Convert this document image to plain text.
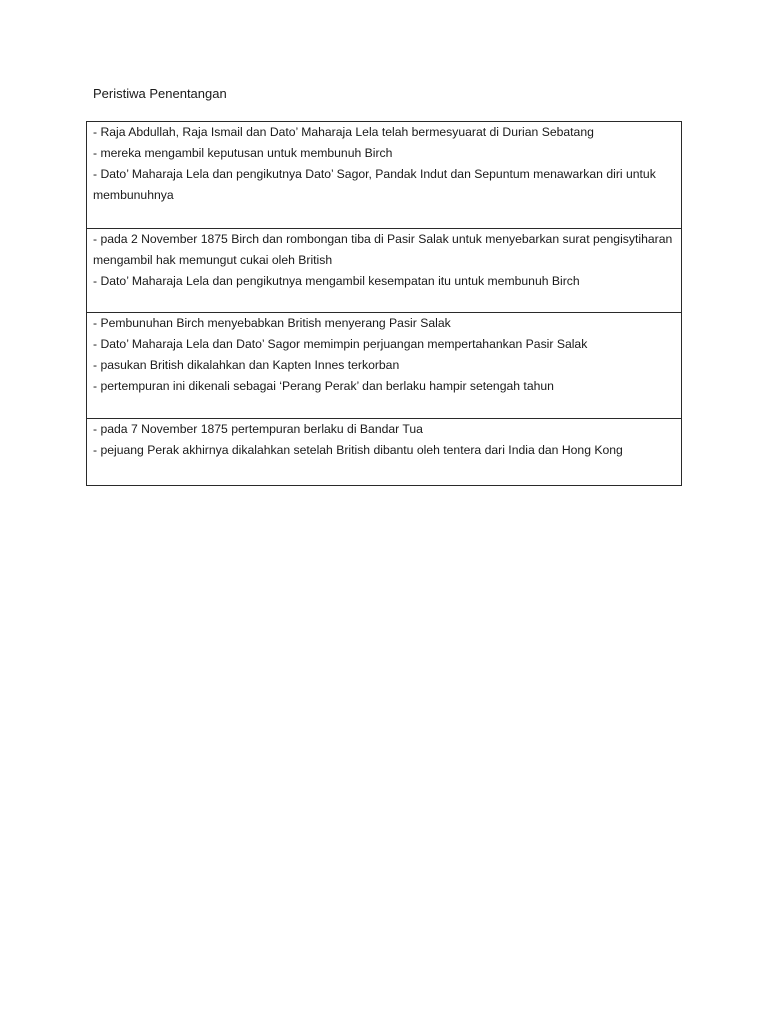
Peristiwa Penentangan

- Raja Abdullah, Raja Ismail dan Dato’ Maharaja Lela telah bermesyuarat di Durian Sebatang

- mereka mengambil keputusan untuk membunuh Birch

- Dato’ Maharaja Lela dan pengikutnya Dato’ Sagor, Pandak Indut dan Sepuntum menawarkan diri untuk membunuhnya

- pada 2 November 1875 Birch dan rombongan tiba di Pasir Salak untuk menyebarkan surat pengisytiharan mengambil hak memungut cukai oleh British

- Dato’ Maharaja Lela dan pengikutnya mengambil kesempatan itu untuk membunuh Birch

- Pembunuhan Birch menyebabkan British menyerang Pasir Salak

- Dato’ Maharaja Lela dan Dato’ Sagor memimpin perjuangan mempertahankan Pasir Salak

- pasukan British dikalahkan dan Kapten Innes terkorban

- pertempuran ini dikenali sebagai ‘Perang Perak’ dan berlaku hampir setengah tahun

- pada 7 November 1875 pertempuran berlaku di Bandar Tua

- pejuang Perak akhirnya dikalahkan setelah British dibantu oleh tentera dari India dan Hong Kong
